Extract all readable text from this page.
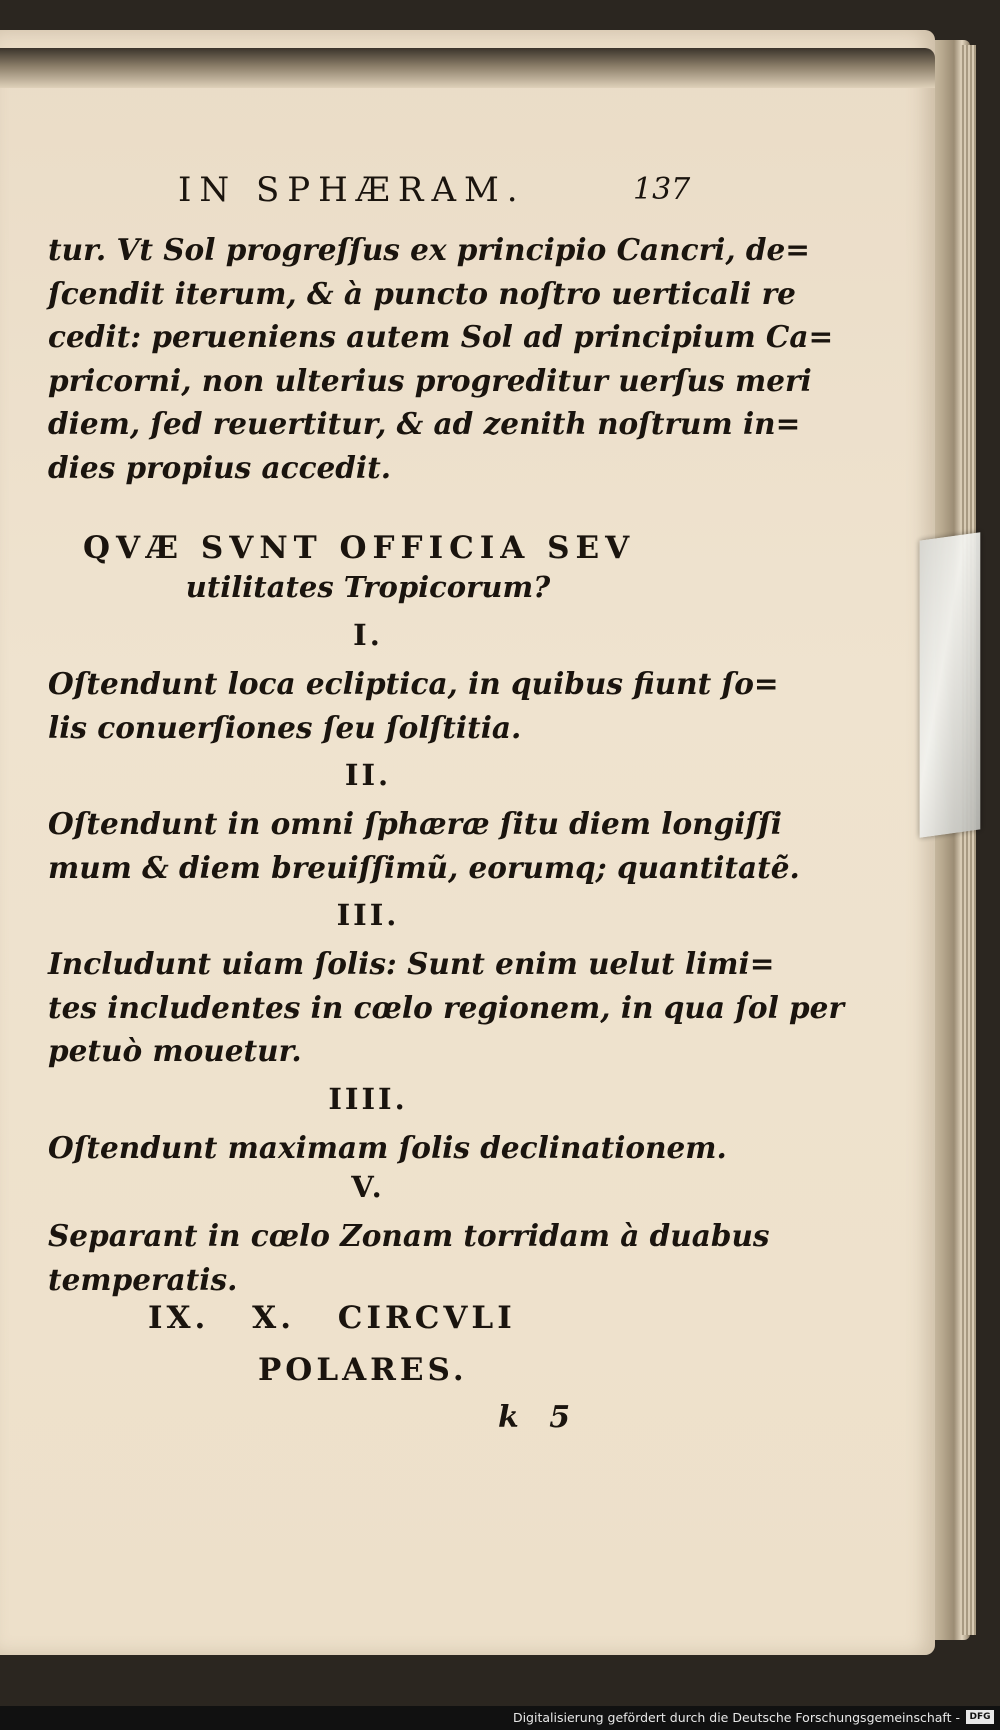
IN SPHÆRAM.	137
tur. Vt Sol progreſſus ex principio Cancri, de=
ſcendit iterum, & à puncto noſtro uerticali re
cedit: perueniens autem Sol ad principium Ca=
pricorni, non ulterius progreditur uerſus meri
diem, ſed reuertitur, & ad zenith noſtrum in=
dies propius accedit.
QVÆ SVNT OFFICIA SEV
utilitates Tropicorum?
I.
Oſtendunt loca ecliptica, in quibus fiunt ſo=
lis conuerſiones ſeu ſolſtitia.
II.
Oſtendunt in omni ſphæræ ſitu diem longiſſi
mum & diem breuiſſimũ, eorumq; quantitatẽ.
III.
Includunt uiam ſolis: Sunt enim uelut limi=
tes includentes in cœlo regionem, in qua ſol per
petuò mouetur.
IIII.
Oſtendunt maximam ſolis declinationem.
V.
Separant in cœlo Zonam torridam à duabus
temperatis.
IX. X. CIRCVLI
POLARES.
k 5
Digitalisierung gefördert durch die Deutsche Forschungsgemeinschaft -	DFG
